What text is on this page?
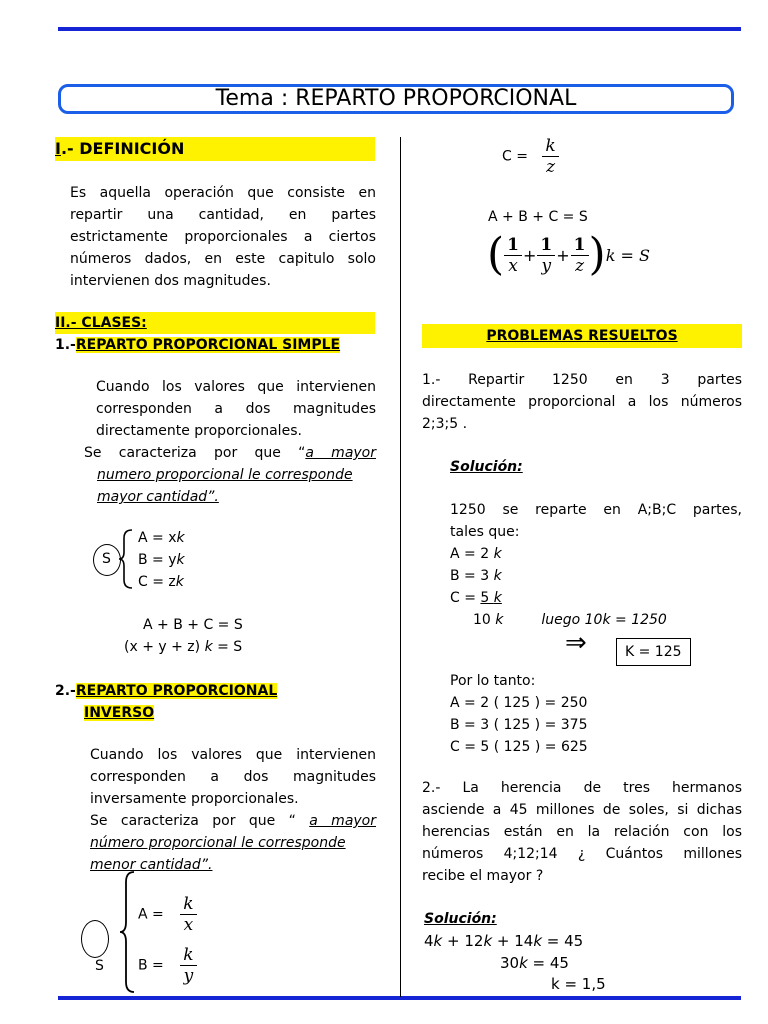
Tema : REPARTO PROPORCIONAL
I.- DEFINICIÓN
Es aquella operación que consiste en
repartir una cantidad, en partes
estrictamente proporcionales a ciertos
números dados, en este capitulo solo
intervienen dos magnitudes.
II.- CLASES:
1.-REPARTO PROPORCIONAL SIMPLE
Cuando los valores que intervienen
corresponden a dos magnitudes
directamente proporcionales.
Se caracteriza por que “a mayor
numero proporcional le corresponde
mayor cantidad”.
S
A = xk
B = yk
C = zk
A + B + C = S
(x + y + z) k = S
2.-REPARTO PROPORCIONAL
INVERSO
Cuando los valores que intervienen
corresponden a dos magnitudes
inversamente proporcionales.
Se caracteriza por que “ a mayor
número proporcional le corresponde
menor cantidad”.
S
$A = \frac{k}{x}$
$B = \frac{k}{y}$
$C = \frac{k}{z}$
A + B + C = S
( $\frac{1}{x} + \frac{1}{y} + \frac{1}{z}$ ) k = S
PROBLEMAS RESUELTOS
1.- Repartir 1250 en 3 partes
directamente proporcional a los números
2;3;5 .
Solución:
1250 se reparte en A;B;C partes,
tales que:
A = 2 k
B = 3 k
C = 5 k
10 k	luego 10k = 1250
⇒	K = 125
Por lo tanto:
A = 2 ( 125 ) = 250
B = 3 ( 125 ) = 375
C = 5 ( 125 ) = 625
2.- La herencia de tres hermanos
asciende a 45 millones de soles, si dichas
herencias están en la relación con los
números 4;12;14 ¿ Cuántos millones
recibe el mayor ?
Solución:
4k + 12k + 14k = 45
30k = 45
k = 1,5
